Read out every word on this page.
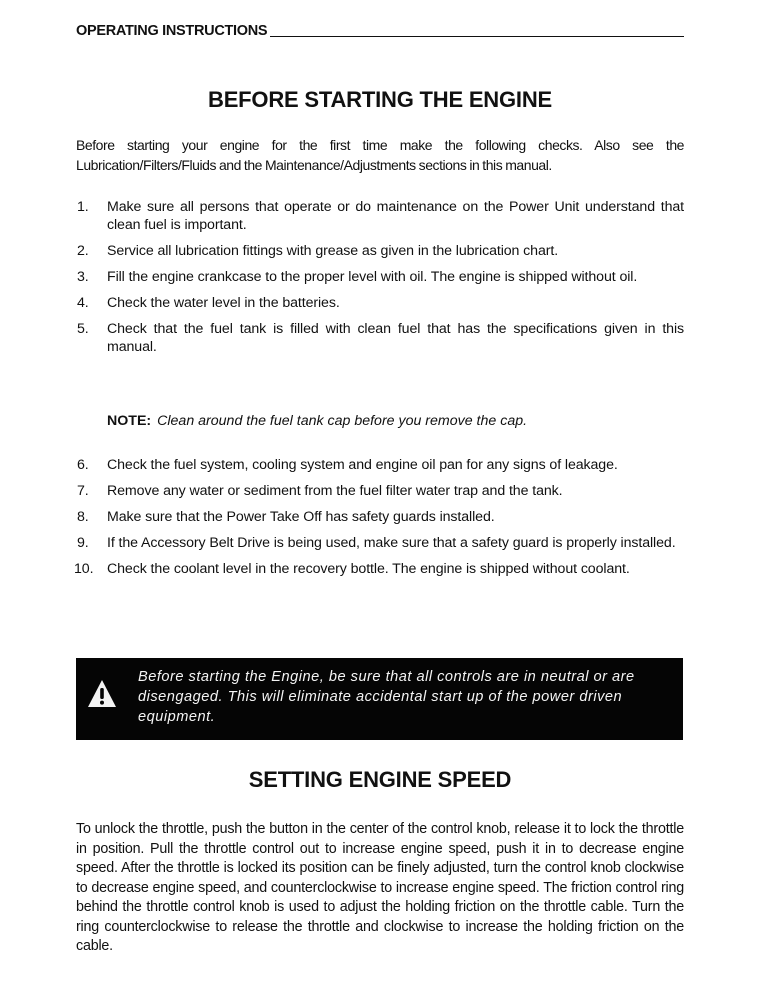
OPERATING INSTRUCTIONS
BEFORE STARTING THE ENGINE

Before starting your engine for the first time make the following checks. Also see the Lubrication/Filters/Fluids and the Maintenance/Adjustments sections in this manual.

1. Make sure all persons that operate or do maintenance on the Power Unit understand that clean fuel is important.
2. Service all lubrication fittings with grease as given in the lubrication chart.
3. Fill the engine crankcase to the proper level with oil. The engine is shipped without oil.
4. Check the water level in the batteries.
5. Check that the fuel tank is filled with clean fuel that has the specifications given in this manual.
NOTE: Clean around the fuel tank cap before you remove the cap.
6. Check the fuel system, cooling system and engine oil pan for any signs of leakage.
7. Remove any water or sediment from the fuel filter water trap and the tank.
8. Make sure that the Power Take Off has safety guards installed.
9. If the Accessory Belt Drive is being used, make sure that a safety guard is properly installed.
10. Check the coolant level in the recovery bottle. The engine is shipped without coolant.
Before starting the Engine, be sure that all controls are in neutral or are disengaged. This will eliminate accidental start up of the power driven equipment.
SETTING ENGINE SPEED

To unlock the throttle, push the button in the center of the control knob, release it to lock the throttle in position. Pull the throttle control out to increase engine speed, push it in to decrease engine speed. After the throttle is locked its position can be finely adjusted, turn the control knob clockwise to decrease engine speed, and counterclockwise to increase engine speed. The friction control ring behind the throttle control knob is used to adjust the holding friction on the throttle cable. Turn the ring counterclockwise to release the throttle and clockwise to increase the holding friction on the cable.
